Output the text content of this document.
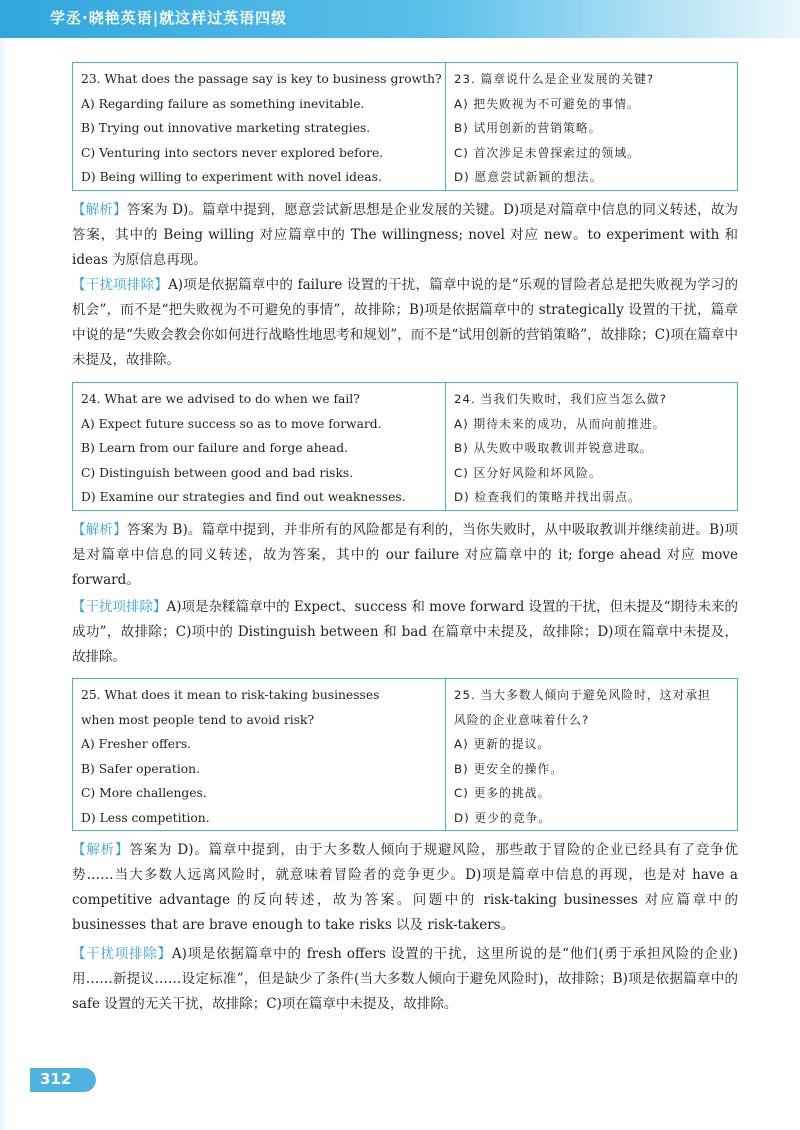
学丞·晓艳英语|就这样过英语四级
23. What does the passage say is key to business growth?
A) Regarding failure as something inevitable.
B) Trying out innovative marketing strategies.
C) Venturing into sectors never explored before.
D) Being willing to experiment with novel ideas.
23. 篇章说什么是企业发展的关键?
A) 把失败视为不可避免的事情。
B) 试用创新的营销策略。
C) 首次涉足未曾探索过的领域。
D) 愿意尝试新颖的想法。
【解析】答案为 D)。篇章中提到，愿意尝试新思想是企业发展的关键。D)项是对篇章中信息的同义转述，故为答案，其中的 Being willing 对应篇章中的 The willingness; novel 对应 new。to experiment with 和 ideas 为原信息再现。
【干扰项排除】A)项是依据篇章中的 failure 设置的干扰，篇章中说的是“乐观的冒险者总是把失败视为学习的机会”，而不是“把失败视为不可避免的事情”，故排除；B)项是依据篇章中的 strategically 设置的干扰，篇章中说的是“失败会教会你如何进行战略性地思考和规划”，而不是“试用创新的营销策略”，故排除；C)项在篇章中未提及，故排除。
24. What are we advised to do when we fail?
A) Expect future success so as to move forward.
B) Learn from our failure and forge ahead.
C) Distinguish between good and bad risks.
D) Examine our strategies and find out weaknesses.
24. 当我们失败时，我们应当怎么做?
A) 期待未来的成功，从而向前推进。
B) 从失败中吸取教训并锐意进取。
C) 区分好风险和坏风险。
D) 检查我们的策略并找出弱点。
【解析】答案为 B)。篇章中提到，并非所有的风险都是有利的，当你失败时，从中吸取教训并继续前进。B)项是对篇章中信息的同义转述，故为答案，其中的 our failure 对应篇章中的 it; forge ahead 对应 move forward。
【干扰项排除】A)项是杂糅篇章中的 Expect、success 和 move forward 设置的干扰，但未提及“期待未来的成功”，故排除；C)项中的 Distinguish between 和 bad 在篇章中未提及，故排除；D)项在篇章中未提及，故排除。
25. What does it mean to risk-taking businesses
when most people tend to avoid risk?
A) Fresher offers.
B) Safer operation.
C) More challenges.
D) Less competition.
25. 当大多数人倾向于避免风险时，这对承担
风险的企业意味着什么?
A) 更新的提议。
B) 更安全的操作。
C) 更多的挑战。
D) 更少的竞争。
【解析】答案为 D)。篇章中提到，由于大多数人倾向于规避风险，那些敢于冒险的企业已经具有了竞争优势……当大多数人远离风险时，就意味着冒险者的竞争更少。D)项是篇章中信息的再现，也是对 have a competitive advantage 的反向转述，故为答案。问题中的 risk-taking businesses 对应篇章中的 businesses that are brave enough to take risks 以及 risk-takers。
【干扰项排除】A)项是依据篇章中的 fresh offers 设置的干扰，这里所说的是“他们(勇于承担风险的企业)用……新提议……设定标准”，但是缺少了条件(当大多数人倾向于避免风险时)，故排除；B)项是依据篇章中的 safe 设置的无关干扰，故排除；C)项在篇章中未提及，故排除。
312
